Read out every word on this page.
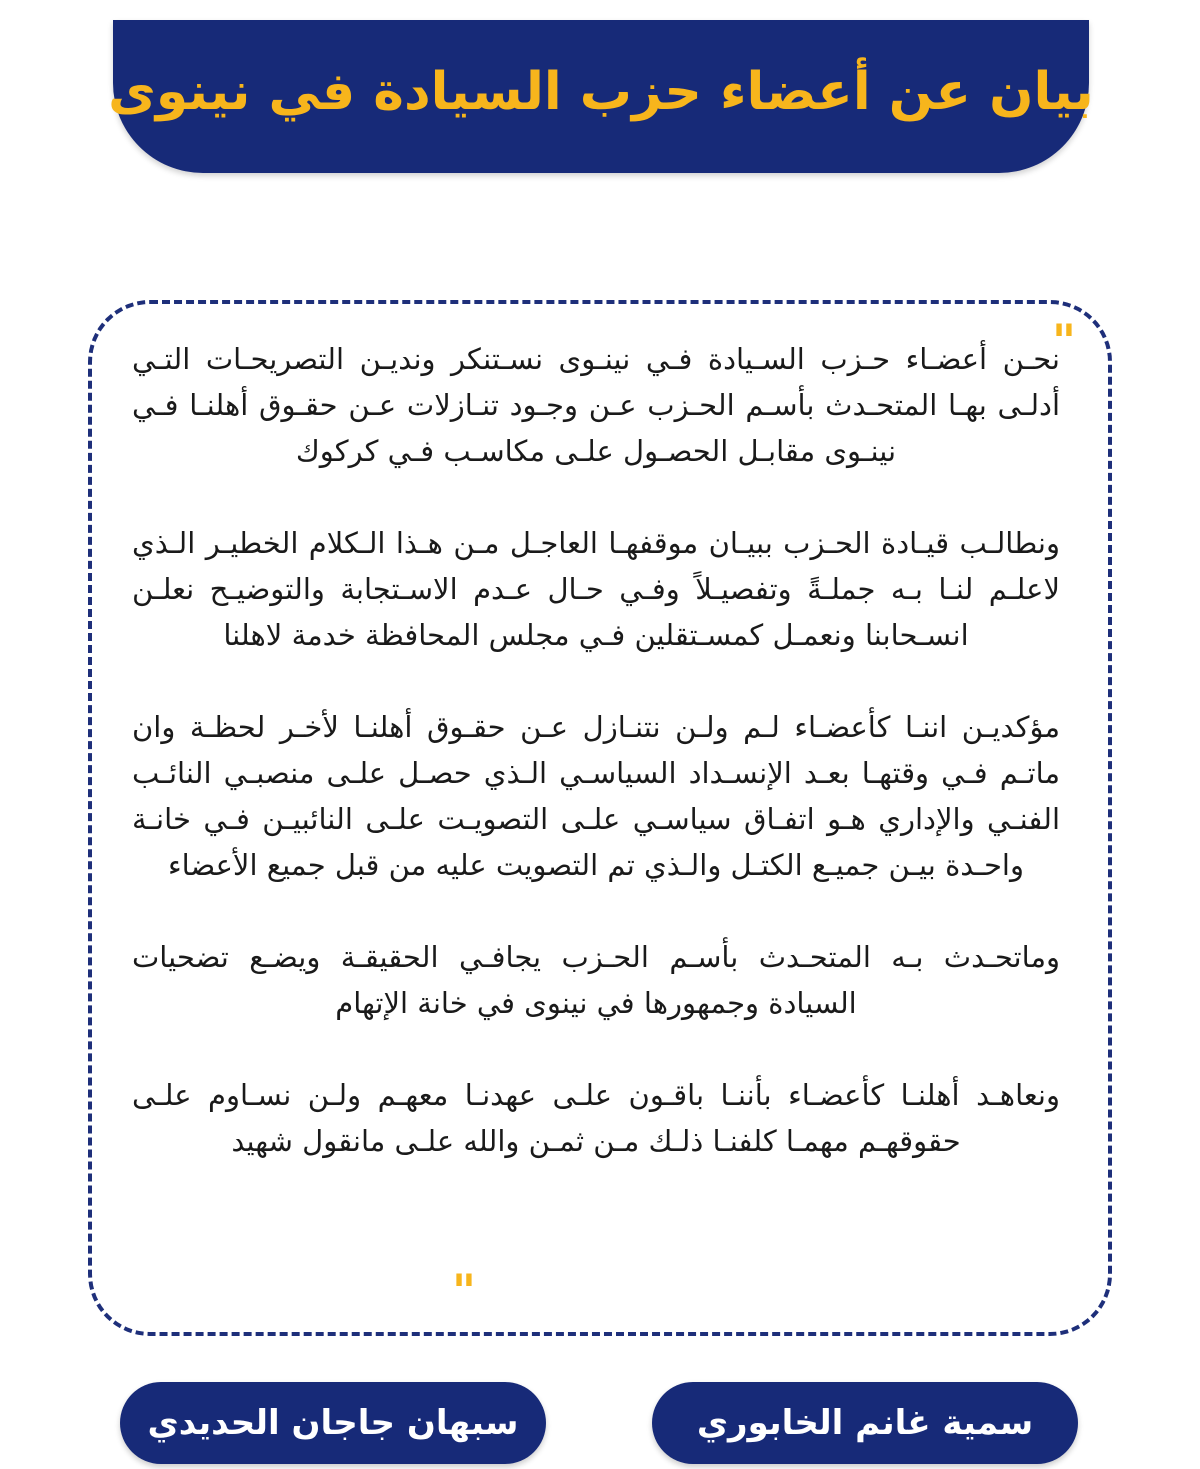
بيان عن أعضاء حزب السيادة في نينوى
"

نحـن أعضـاء حـزب السـيادة فـي نينـوى نسـتنكر ونديـن التصريحـات التـي أدلـى بهـا المتحـدث بأسـم الحـزب عـن وجـود تنـازلات عـن حقـوق أهلنـا فـي نينـوى مقابـل الحصـول علـى مكاسـب فـي كركوك

ونطالـب قيـادة الحـزب ببيـان موقفهـا العاجـل مـن هـذا الـكلام الخطيـر الـذي لاعلـم لنـا بـه جملـةً وتفصيـلاً وفـي حـال عـدم الاسـتجابة والتوضيـح نعلـن انسـحابنا ونعمـل كمسـتقلين فـي مجلس المحافظة خدمة لاهلنا

مؤكديـن اننـا كأعضـاء لـم ولـن نتنـازل عـن حقـوق أهلنـا لأخـر لحظـة وان ماتـم فـي وقتهـا بعـد الإنسـداد السياسـي الـذي حصـل علـى منصبـي النائـب الفنـي والإداري هـو اتفـاق سياسـي علـى التصويـت علـى النائبيـن فـي خانـة واحـدة بيـن جميـع الكتـل والـذي تم التصويت عليه من قبل جميع الأعضاء

وماتحـدث بـه المتحـدث بأسـم الحـزب يجافـي الحقيقـة ويضـع تضحيات السيادة وجمهورها في نينوى في خانة الإتهام

ونعاهـد أهلنـا كأعضـاء بأننـا باقـون علـى عهدنـا معهـم ولـن نسـاوم علـى حقوقهـم مهمـا كلفنـا ذلـك مـن ثمـن والله علـى مانقول شهيد

"
سمية غانم الخابوري
سبهان جاجان الحديدي
